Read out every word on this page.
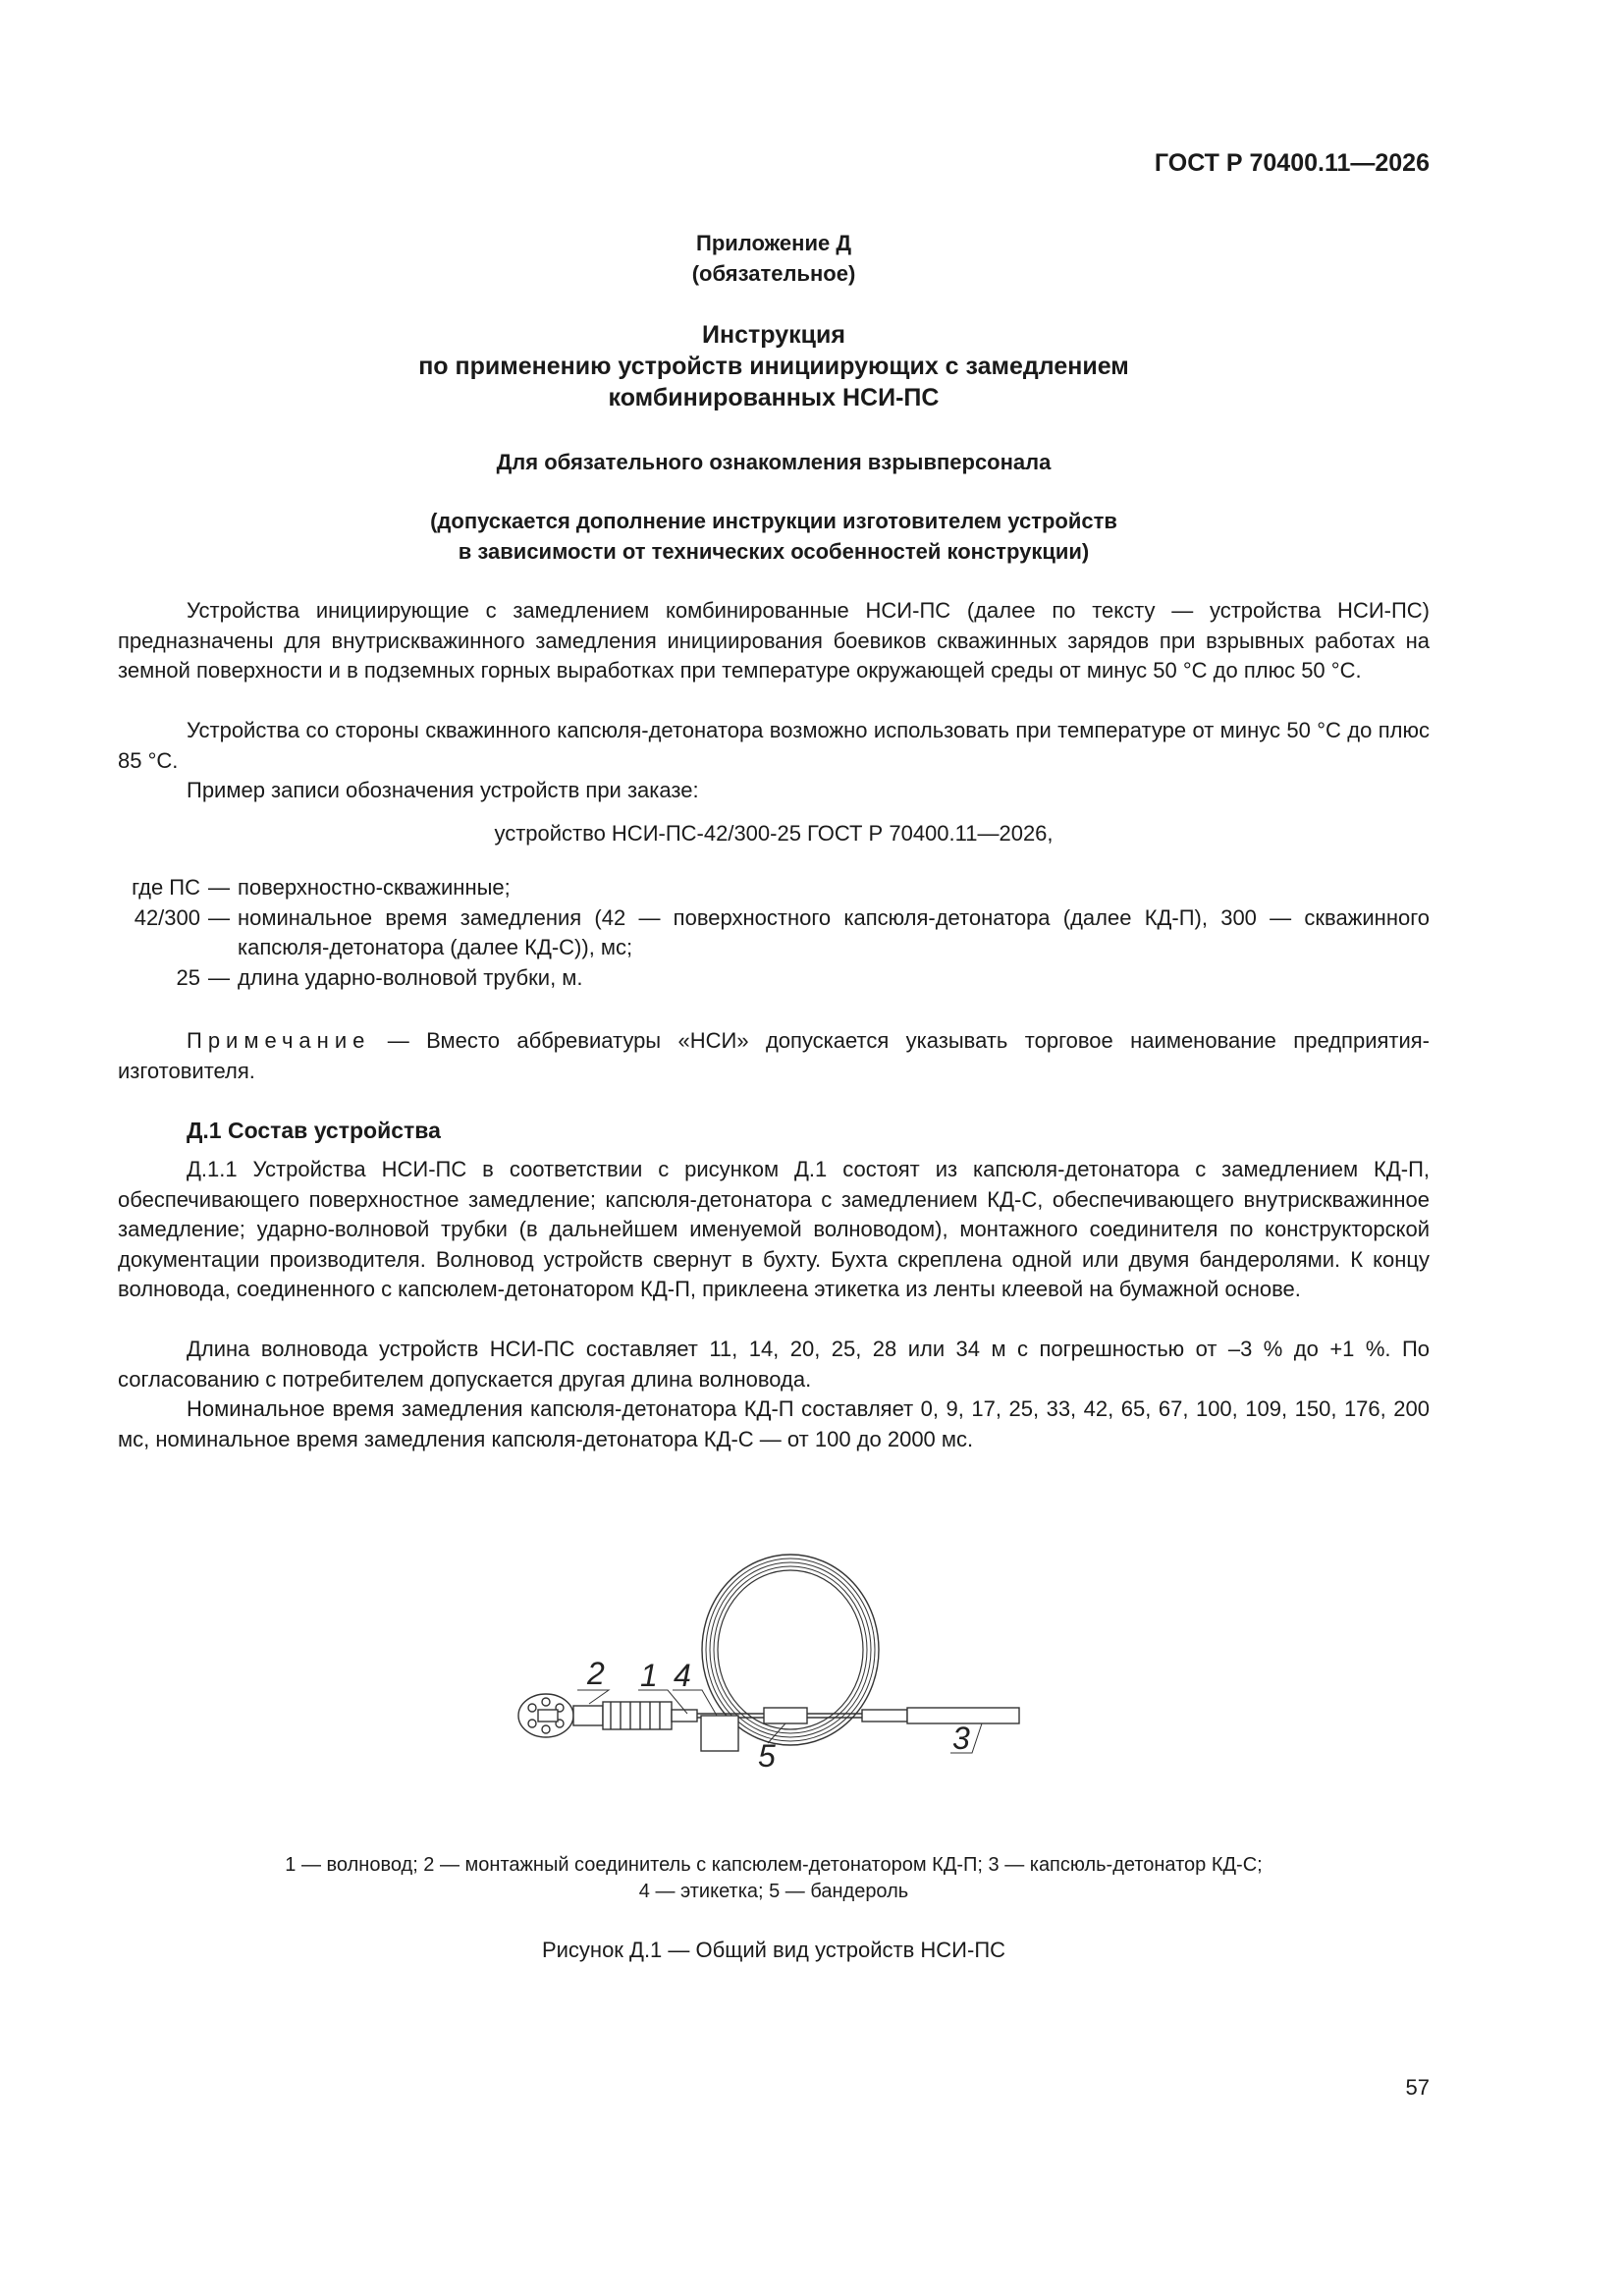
ГОСТ Р 70400.11—2026
Приложение Д
(обязательное)
Инструкция
по применению устройств инициирующих с замедлением
комбинированных НСИ-ПС
Для обязательного ознакомления взрывперсонала
(допускается дополнение инструкции изготовителем устройств
в зависимости от технических особенностей конструкции)

Устройства инициирующие с замедлением комбинированные НСИ-ПС (далее по тексту — устройства НСИ-ПС) предназначены для внутрискважинного замедления инициирования боевиков скважинных зарядов при взрывных работах на земной поверхности и в подземных горных выработках при температуре окружающей среды от минус 50 °С до плюс 50 °С.

Устройства со стороны скважинного капсюля-детонатора возможно использовать при температуре от минус 50 °С до плюс 85 °С.

Пример записи обозначения устройств при заказе:

устройство НСИ-ПС-42/300-25 ГОСТ Р 70400.11—2026,
где ПС — поверхностно-скважинные;
42/300 — номинальное время замедления (42 — поверхностного капсюля-детонатора (далее КД-П), 300 — скважинного капсюля-детонатора (далее КД-С)), мс;
25 — длина ударно-волновой трубки, м.

Примечание — Вместо аббревиатуры «НСИ» допускается указывать торговое наименование предприятия-изготовителя.

Д.1 Состав устройства

Д.1.1 Устройства НСИ-ПС в соответствии с рисунком Д.1 состоят из капсюля-детонатора с замедлением КД-П, обеспечивающего поверхностное замедление; капсюля-детонатора с замедлением КД-С, обеспечивающего внутрискважинное замедление; ударно-волновой трубки (в дальнейшем именуемой волноводом), монтажного соединителя по конструкторской документации производителя. Волновод устройств свернут в бухту. Бухта скреплена одной или двумя бандеролями. К концу волновода, соединенного с капсюлем-детонатором КД-П, приклеена этикетка из ленты клеевой на бумажной основе.

Длина волновода устройств НСИ-ПС составляет 11, 14, 20, 25, 28 или 34 м с погрешностью от –3 % до +1 %. По согласованию с потребителем допускается другая длина волновода.

Номинальное время замедления капсюля-детонатора КД-П составляет 0, 9, 17, 25, 33, 42, 65, 67, 100, 109, 150, 176, 200 мс, номинальное время замедления капсюля-детонатора КД-С — от 100 до 2000 мс.

2 1 4
5	3
1 — волновод; 2 — монтажный соединитель с капсюлем-детонатором КД-П; 3 — капсюль-детонатор КД-С;
4 — этикетка; 5 — бандероль
Рисунок Д.1 — Общий вид устройств НСИ-ПС
57
